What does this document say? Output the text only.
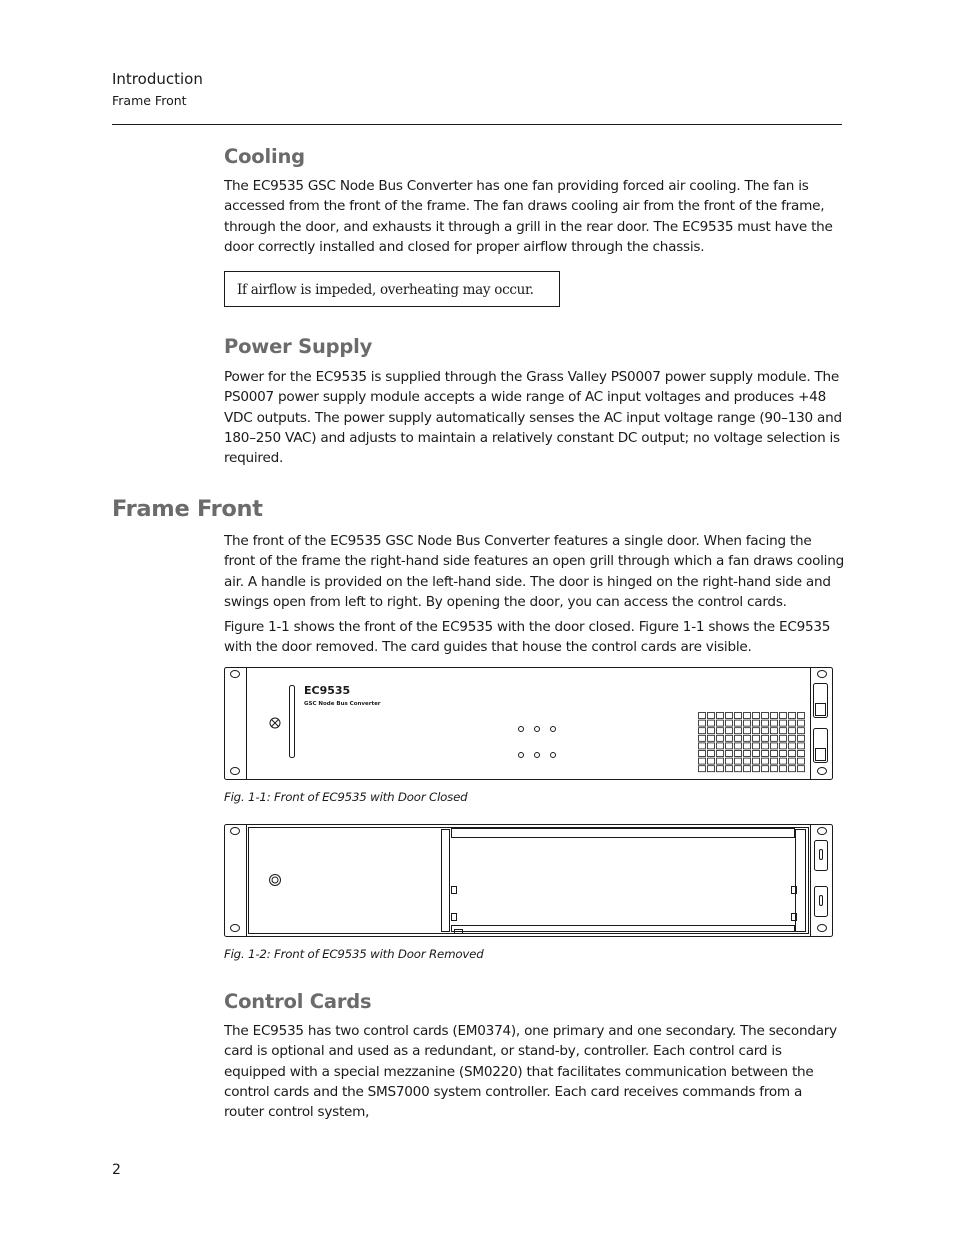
Introduction
Frame Front
Cooling

The EC9535 GSC Node Bus Converter has one fan providing forced air cooling. The fan is accessed from the front of the frame. The fan draws cooling air from the front of the frame, through the door, and exhausts it through a grill in the rear door. The EC9535 must have the door correctly installed and closed for proper airflow through the chassis.

If airflow is impeded, overheating may occur.
Power Supply

Power for the EC9535 is supplied through the Grass Valley PS0007 power supply module. The PS0007 power supply module accepts a wide range of AC input voltages and produces +48 VDC outputs. The power supply automatically senses the AC input voltage range (90–130 and 180–250 VAC) and adjusts to maintain a relatively constant DC output; no voltage selection is required.

Frame Front

The front of the EC9535 GSC Node Bus Converter features a single door. When facing the front of the frame the right-hand side features an open grill through which a fan draws cooling air. A handle is provided on the left-hand side. The door is hinged on the right-hand side and swings open from left to right. By opening the door, you can access the control cards.

Figure 1-1 shows the front of the EC9535 with the door closed. Figure 1-1 shows the EC9535 with the door removed. The card guides that house the control cards are visible.

EC9535
GSC Node Bus Converter
Fig. 1-1: Front of EC9535 with Door Closed
Fig. 1-2: Front of EC9535 with Door Removed
Control Cards

The EC9535 has two control cards (EM0374), one primary and one secondary. The secondary card is optional and used as a redundant, or stand-by, controller. Each control card is equipped with a special mezzanine (SM0220) that facilitates communication between the control cards and the SMS7000 system controller. Each card receives commands from a router control system,

2
